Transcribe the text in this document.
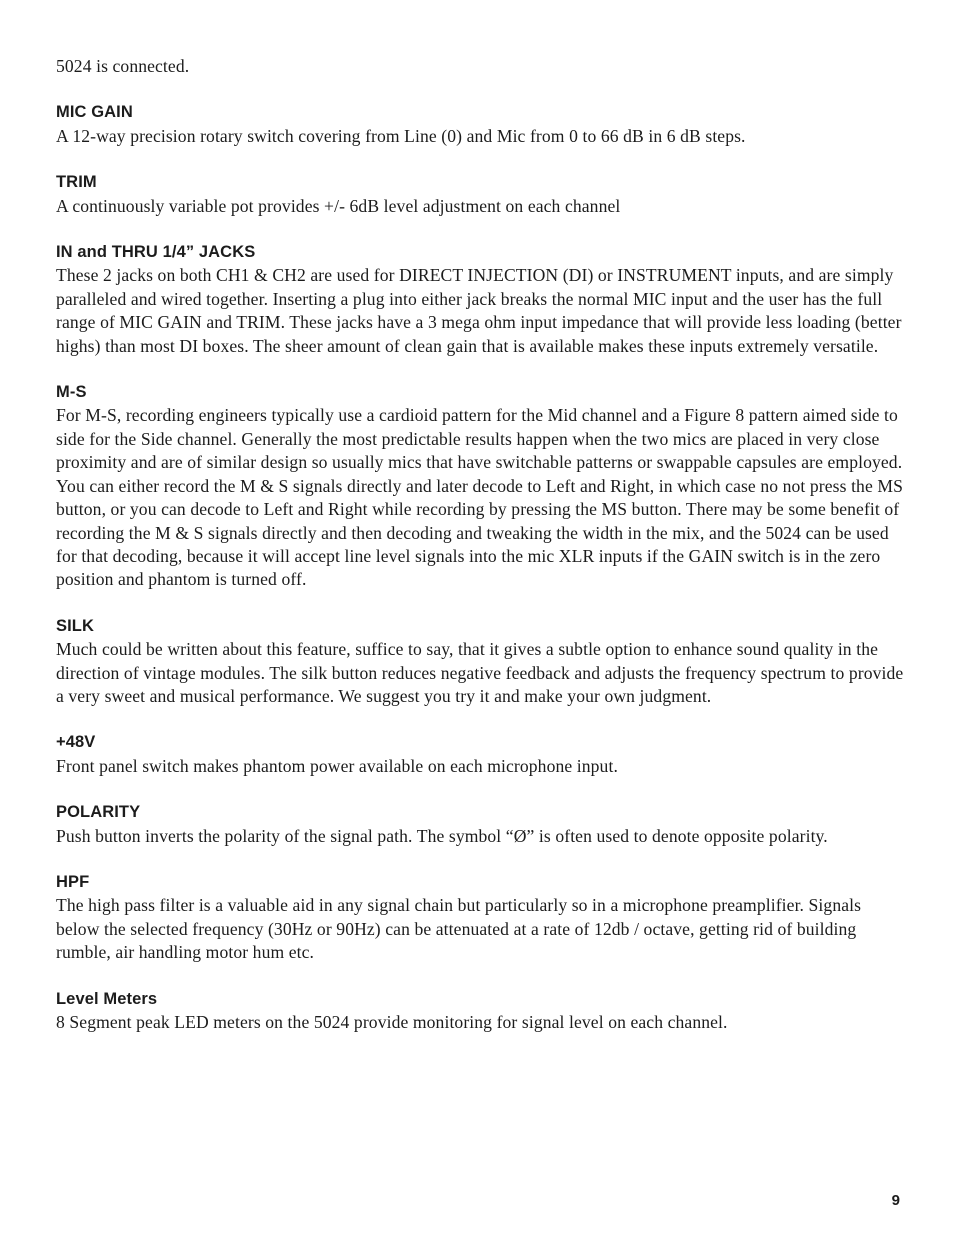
5024 is connected.

MIC GAIN

A 12-way precision rotary switch covering from Line (0) and Mic from 0 to 66 dB in 6 dB steps.

TRIM

A continuously variable pot provides +/- 6dB level adjustment on each channel

IN and THRU 1/4” JACKS

These 2 jacks on both CH1 & CH2 are used for DIRECT INJECTION (DI) or INSTRUMENT inputs, and are simply paralleled and wired together. Inserting a plug into either jack breaks the normal MIC input and the user has the full range of MIC GAIN and TRIM. These jacks have a 3 mega ohm input impedance that will provide less loading (better highs) than most DI boxes. The sheer amount of clean gain that is available makes these inputs extremely versatile.

M-S

For M-S, recording engineers typically use a cardioid pattern for the Mid channel and a Figure 8 pattern aimed side to side for the Side channel. Generally the most predictable results happen when the two mics are placed in very close proximity and are of similar design so usually mics that have switchable patterns or swappable capsules are employed. You can either record the M & S signals directly and later decode to Left and Right, in which case no not press the MS button, or you can decode to Left and Right while recording by pressing the MS button. There may be some benefit of recording the M & S signals directly and then decoding and tweaking the width in the mix, and the 5024 can be used for that decoding, because it will accept line level signals into the mic XLR inputs if the GAIN switch is in the zero position and phantom is turned off.

SILK

Much could be written about this feature, suffice to say, that it gives a subtle option to enhance sound quality in the direction of vintage modules. The silk button reduces negative feedback and adjusts the frequency spectrum to provide a very sweet and musical performance. We suggest you try it and make your own judgment.

+48V

Front panel switch makes phantom power available on each microphone input.

POLARITY

Push button inverts the polarity of the signal path. The symbol “Ø” is often used to denote opposite polarity.

HPF

The high pass filter is a valuable aid in any signal chain but particularly so in a microphone preamplifier. Signals below the selected frequency (30Hz or 90Hz) can be attenuated at a rate of 12db / octave, getting rid of building rumble, air handling motor hum etc.

Level Meters

8 Segment peak LED meters on the 5024 provide monitoring for signal level on each channel.

9
